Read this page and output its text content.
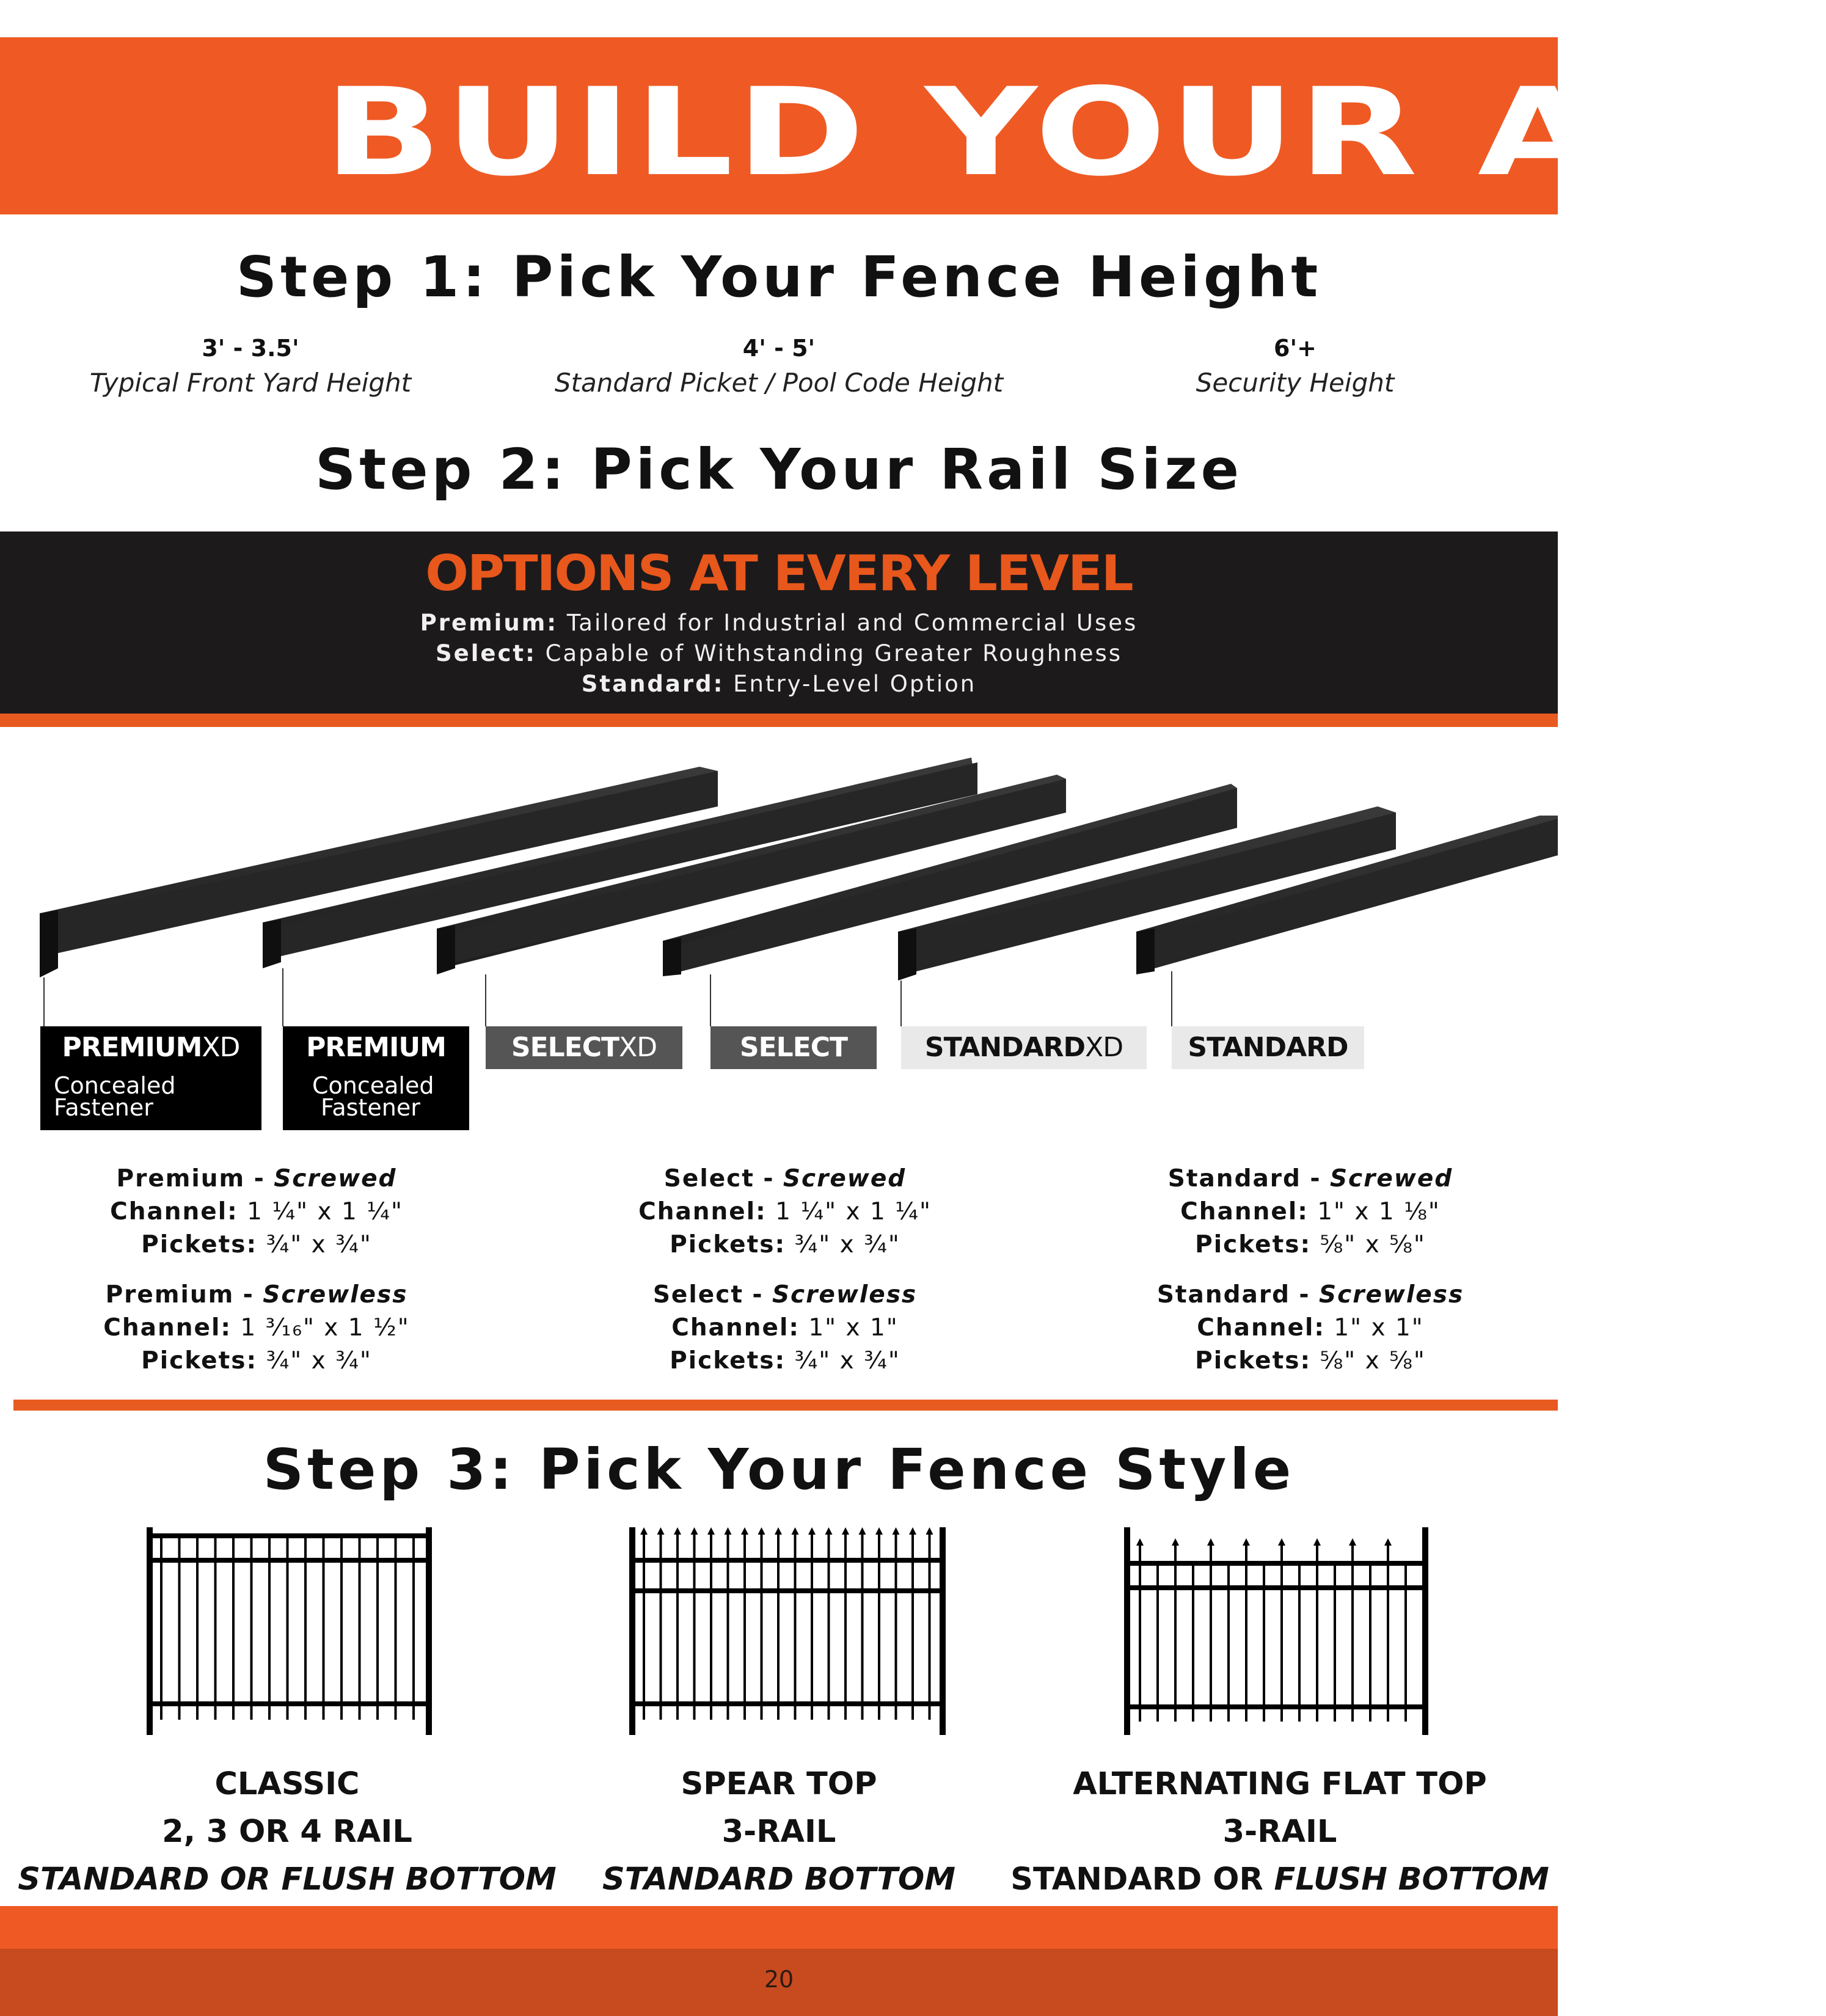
BUILD YOUR ALU
Step 1: Pick Your Fence Height
3' - 3.5'
Typical Front Yard Height
4' - 5'
Standard Picket / Pool Code Height
6'+
Security Height
Step 2: Pick Your Rail Size
OPTIONS AT EVERY LEVEL
Premium: Tailored for Industrial and Commercial Uses
Select: Capable of Withstanding Greater Roughness
Standard: Entry-Level Option
PREMIUMXD
Concealed
Fastener
PREMIUM
Concealed
Fastener
SELECTXD	SELECT	STANDARDXD	STANDARD
Premium - Screwed
Channel: 1 ¼" x 1 ¼"
Pickets: ¾" x ¾"
Premium - Screwless
Channel: 1 ³⁄₁₆" x 1 ½"
Pickets: ¾" x ¾"
Select - Screwed
Channel: 1 ¼" x 1 ¼"
Pickets: ¾" x ¾"
Select - Screwless
Channel: 1" x 1"
Pickets: ¾" x ¾"
Standard - Screwed
Channel: 1" x 1 ⅛"
Pickets: ⅝" x ⅝"
Standard - Screwless
Channel: 1" x 1"
Pickets: ⅝" x ⅝"
Step 3: Pick Your Fence Style
CLASSIC
2, 3 OR 4 RAIL
STANDARD OR FLUSH BOTTOM
SPEAR TOP
3-RAIL
STANDARD BOTTOM
ALTERNATING FLAT TOP
3-RAIL
STANDARD OR FLUSH BOTTOM
20
